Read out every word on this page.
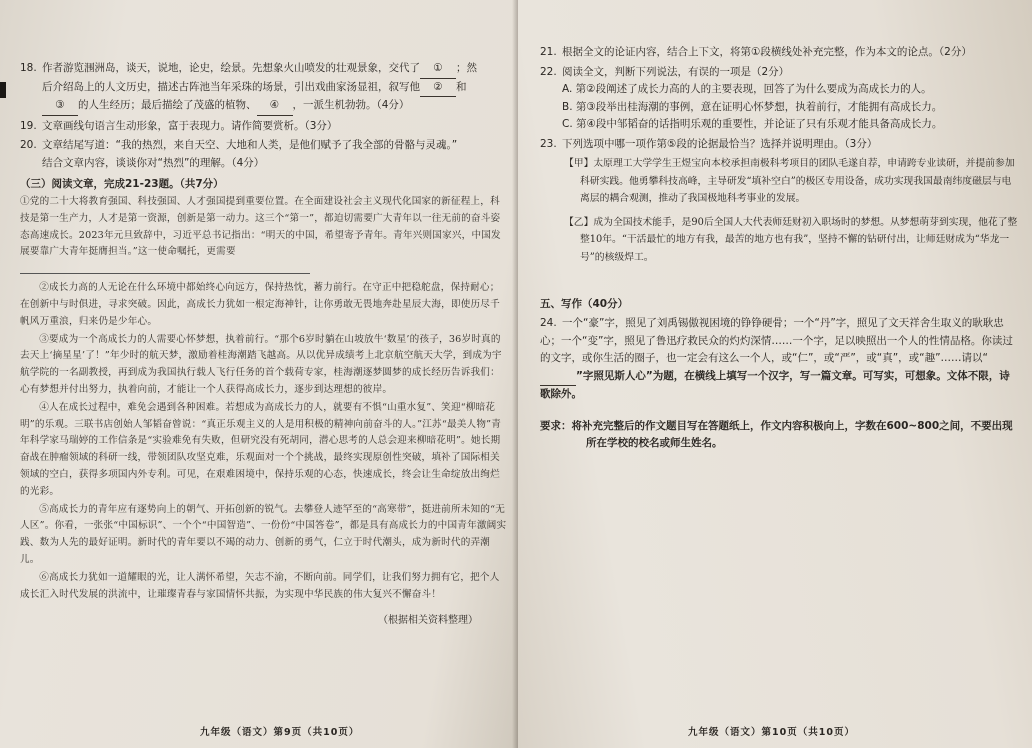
18. 作者游览涠洲岛，谈天，说地，论史，绘景。先想象火山喷发的壮观景象，交代了 ① ；然
后介绍岛上的人文历史，描述古阵池当年采珠的场景，引出戏曲家汤显祖，叙写他 ② 和
③ 的人生经历；最后描绘了茂盛的植物、 ④ ，一派生机勃勃。（4分）
19. 文章画线句语言生动形象，富于表现力。请作简要赏析。（3分）
20. 文章结尾写道：“我的热烈，来自天空、大地和人类，是他们赋予了我全部的骨骼与灵魂。”
结合文章内容，谈谈你对“热烈”的理解。（4分）
（三）阅读文章，完成21-23题。（共7分）

①党的二十大将教育强国、科技强国、人才强国提到重要位置。在全面建设社会主义现代化国家的新征程上，科技是第一生产力，人才是第一资源，创新是第一动力。这三个“第一”，都迫切需要广大青年以一往无前的奋斗姿态高速成长。2023年元旦致辞中，习近平总书记指出：“明天的中国，希望寄予青年。青年兴则国家兴，中国发展要靠广大青年挺膺担当。”这一使命嘱托，更需要

②成长力高的人无论在什么环境中都始终心向远方，保持热忱，蓄力前行。在守正中把稳舵盘，保持耐心；在创新中与时俱进，寻求突破。因此，高成长力犹如一根定海神针，让你勇敢无畏地奔赴星辰大海，即使历尽千帆风万重浪，归来仍是少年心。

③要成为一个高成长力的人需要心怀梦想，执着前行。“那个6岁时躺在山坡放牛‘数星’的孩子，36岁时真的去天上‘摘星星’了！”年少时的航天梦，激励着桂海潮踏飞越高。从以优异成绩考上北京航空航天大学，到成为宇航学院的一名副教授，再到成为我国执行载人飞行任务的首个载荷专家，桂海潮逐梦圆梦的成长经历告诉我们：心有梦想并付出努力，执着向前，才能让一个人获得高成长力，逐步到达理想的彼岸。

④人在成长过程中，难免会遇到各种困难。若想成为高成长力的人，就要有不惧“山重水复”、笑迎“柳暗花明”的乐观。三联书店创始人邹韬奋曾说：“真正乐观主义的人是用积极的精神向前奋斗的人。”江苏“最美人物”青年科学家马瑞婷的工作信条是“实验难免有失败，但研究没有死胡同，潜心思考的人总会迎来柳暗花明”。她长期奋战在肿瘤领域的科研一线，带领团队攻坚克难，乐观面对一个个挑战，最终实现原创性突破，填补了国际相关领域的空白，获得多项国内外专利。可见，在艰难困境中，保持乐观的心态，快速成长，终会让生命绽放出绚烂的光彩。

⑤高成长力的青年应有逐势向上的朝气、开拓创新的锐气。去攀登人迹罕至的“高寒带”，挺进前所未知的“无人区”。你看，一张张“中国标识”、一个个“中国智造”、一份份“中国答卷”，都是具有高成长力的中国青年激阔实践、数为人先的最好证明。新时代的青年要以不竭的动力、创新的勇气，仁立于时代潮头，成为新时代的弄潮儿。

⑥高成长力犹如一道耀眼的光，让人满怀希望，矢志不渝，不断向前。同学们，让我们努力拥有它，把个人成长汇入时代发展的洪流中，让璀璨青春与家国情怀共振，为实现中华民族的伟大复兴不懈奋斗！

（根据相关资料整理）
九年级（语文）第9页（共10页）
21. 根据全文的论证内容，结合上下文，将第①段横线处补充完整，作为本文的论点。（2分）
22. 阅读全文，判断下列说法，有误的一项是（2分）
A. 第②段阐述了成长力高的人的主要表现，回答了为什么要成为高成长力的人。
B. 第③段举出桂海潮的事例，意在证明心怀梦想，执着前行，才能拥有高成长力。
C. 第④段中邹韬奋的话指明乐观的重要性，并论证了只有乐观才能具备高成长力。
23. 下列选项中哪一项作第⑤段的论据最恰当？选择并说明理由。（3分）
【甲】太原理工大学学生王煜宝向本校承担南极科考项目的团队毛遂自荐，申请跨专业读研，并提前参加科研实践。他勇攀科技高峰，主导研发“填补空白”的极区专用设备，成功实现我国最南纬度磁层与电离层的耦合观测，推动了我国极地科考事业的发展。
【乙】成为全国技术能手，是90后全国人大代表师廷财初入职场时的梦想。从梦想萌芽到实现，他花了整整10年。“干活最忙的地方有我，最苦的地方也有我”，坚持不懈的钻研付出，让师廷财成为“华龙一号”的核级焊工。
五、写作（40分）
24. 一个“豪”字，照见了刘禹锡傲视困境的铮铮硬骨；一个“丹”字，照见了文天祥舍生取义的耿耿忠心；一个“变”字，照见了鲁迅疗救民众的灼灼深情……一个字，足以映照出一个人的性情品格。你读过的文字，或你生活的圈子，也一定会有这么一个人，或“仁”，或“严”，或“真”，或“趣”……请以“ ”字照见斯人心”为题，在横线上填写一个汉字，写一篇文章。可写实，可想象。文体不限，诗歌除外。
要求：将补充完整后的作文题目写在答题纸上，作文内容积极向上，字数在600~800之间，不要出现所在学校的校名或师生姓名。
九年级（语文）第10页（共10页）
